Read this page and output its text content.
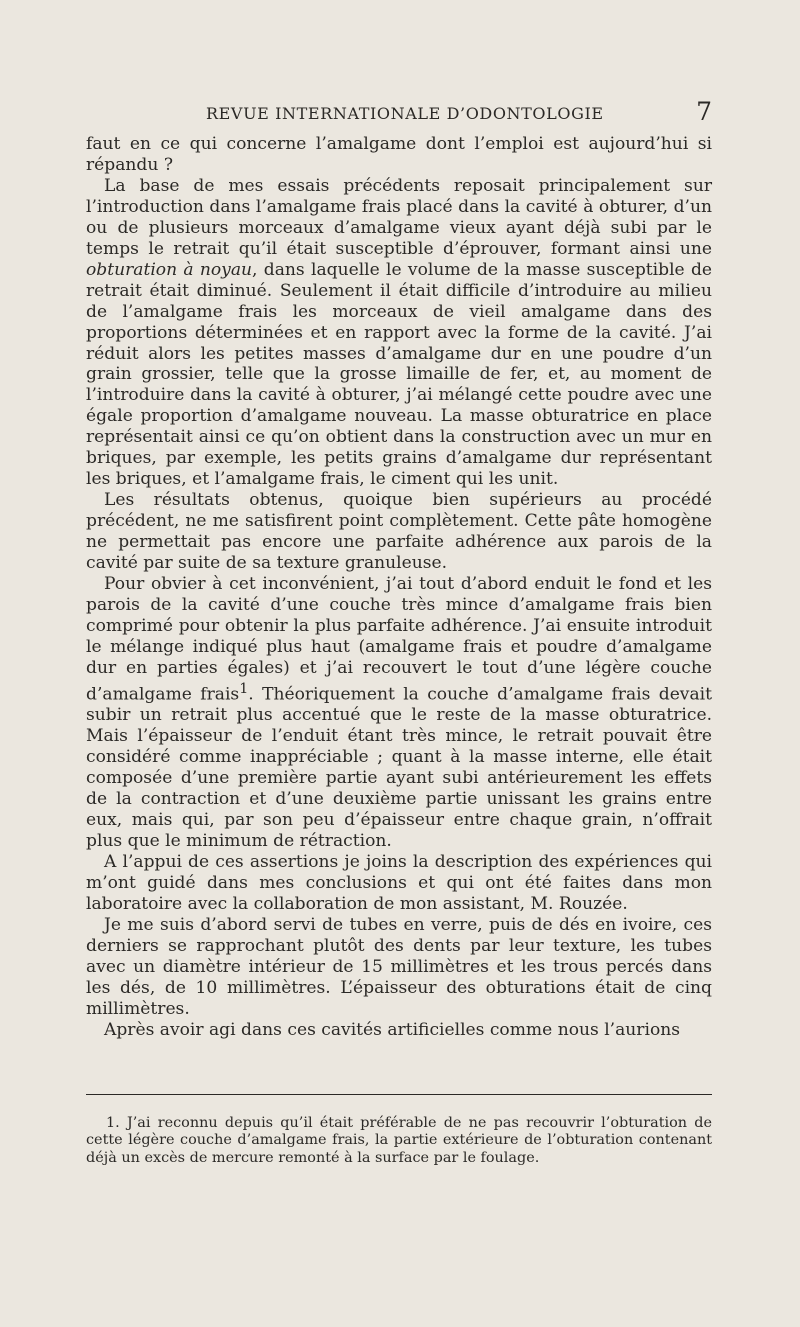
REVUE INTERNATIONALE D’ODONTOLOGIE	7

faut en ce qui concerne l’amalgame dont l’emploi est aujourd’hui si répandu ?

La base de mes essais précédents reposait principalement sur l’introduction dans l’amalgame frais placé dans la cavité à obturer, d’un ou de plusieurs morceaux d’amalgame vieux ayant déjà subi par le temps le retrait qu’il était susceptible d’éprouver, formant ainsi une obturation à noyau, dans laquelle le volume de la masse susceptible de retrait était diminué. Seulement il était difficile d’introduire au milieu de l’amalgame frais les morceaux de vieil amalgame dans des proportions déterminées et en rapport avec la forme de la cavité. J’ai réduit alors les petites masses d’amalgame dur en une poudre d’un grain grossier, telle que la grosse limaille de fer, et, au moment de l’introduire dans la cavité à obturer, j’ai mélangé cette poudre avec une égale proportion d’amalgame nouveau. La masse obturatrice en place représentait ainsi ce qu’on obtient dans la construction avec un mur en briques, par exemple, les petits grains d’amalgame dur représentant les briques, et l’amalgame frais, le ciment qui les unit.

Les résultats obtenus, quoique bien supérieurs au procédé précédent, ne me satisfirent point complètement. Cette pâte homogène ne permettait pas encore une parfaite adhérence aux parois de la cavité par suite de sa texture granuleuse.

Pour obvier à cet inconvénient, j’ai tout d’abord enduit le fond et les parois de la cavité d’une couche très mince d’amalgame frais bien comprimé pour obtenir la plus parfaite adhérence. J’ai ensuite introduit le mélange indiqué plus haut (amalgame frais et poudre d’amalgame dur en parties égales) et j’ai recouvert le tout d’une légère couche d’amalgame frais$^1$. Théoriquement la couche d’amalgame frais devait subir un retrait plus accentué que le reste de la masse obturatrice. Mais l’épaisseur de l’enduit étant très mince, le retrait pouvait être considéré comme inappréciable ; quant à la masse interne, elle était composée d’une première partie ayant subi antérieurement les effets de la contraction et d’une deuxième partie unissant les grains entre eux, mais qui, par son peu d’épaisseur entre chaque grain, n’offrait plus que le minimum de rétraction.

A l’appui de ces assertions je joins la description des expériences qui m’ont guidé dans mes conclusions et qui ont été faites dans mon laboratoire avec la collaboration de mon assistant, M. Rouzée.

Je me suis d’abord servi de tubes en verre, puis de dés en ivoire, ces derniers se rapprochant plutôt des dents par leur texture, les tubes avec un diamètre intérieur de 15 millimètres et les trous percés dans les dés, de 10 millimètres. L’épaisseur des obturations était de cinq millimètres.

Après avoir agi dans ces cavités artificielles comme nous l’aurions

1. J’ai reconnu depuis qu’il était préférable de ne pas recouvrir l’obturation de cette légère couche d’amalgame frais, la partie extérieure de l’obturation contenant déjà un excès de mercure remonté à la surface par le foulage.
